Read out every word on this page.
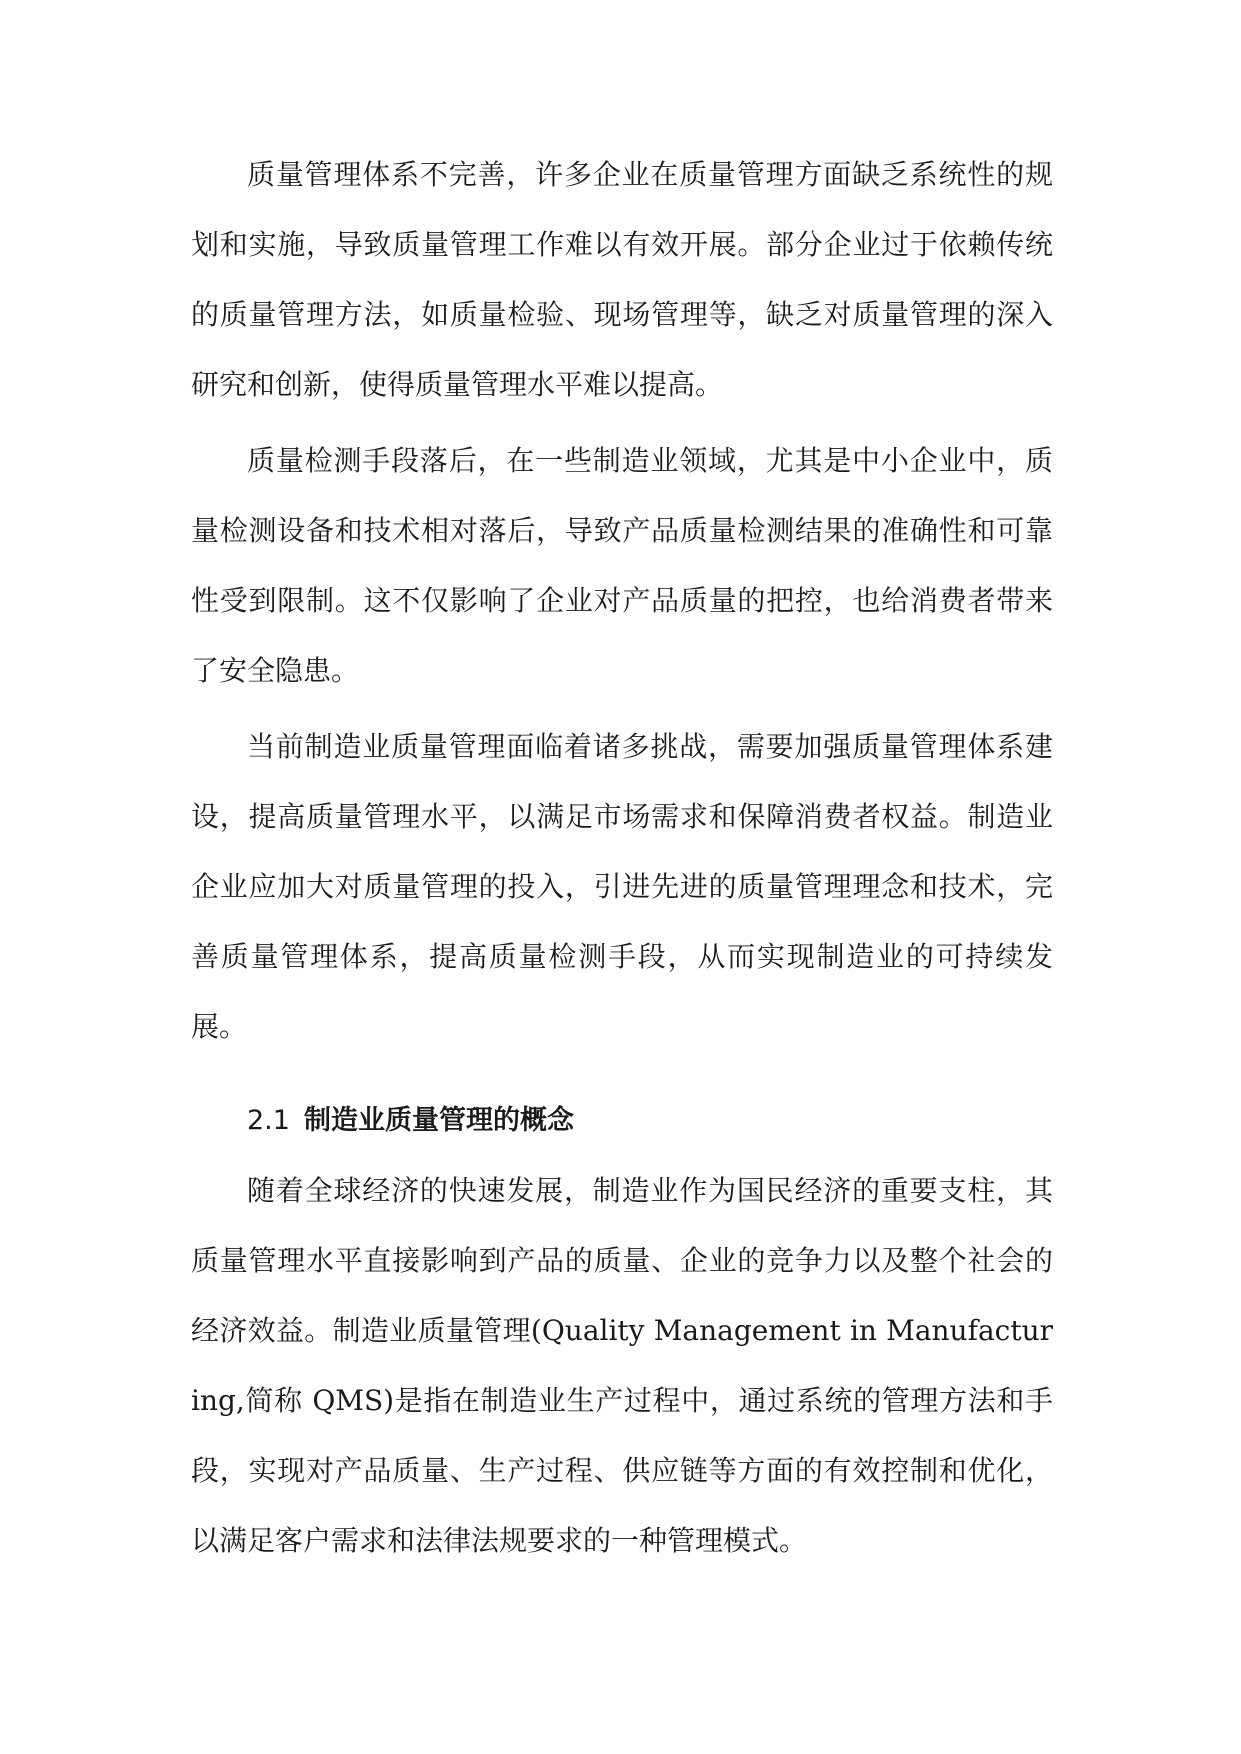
质量管理体系不完善，许多企业在质量管理方面缺乏系统性的规划和实施，导致质量管理工作难以有效开展。部分企业过于依赖传统的质量管理方法，如质量检验、现场管理等，缺乏对质量管理的深入研究和创新，使得质量管理水平难以提高。

质量检测手段落后，在一些制造业领域，尤其是中小企业中，质量检测设备和技术相对落后，导致产品质量检测结果的准确性和可靠性受到限制。这不仅影响了企业对产品质量的把控，也给消费者带来了安全隐患。

当前制造业质量管理面临着诸多挑战，需要加强质量管理体系建设，提高质量管理水平，以满足市场需求和保障消费者权益。制造业企业应加大对质量管理的投入，引进先进的质量管理理念和技术，完善质量管理体系，提高质量检测手段，从而实现制造业的可持续发展。

2.1 制造业质量管理的概念

随着全球经济的快速发展，制造业作为国民经济的重要支柱，其质量管理水平直接影响到产品的质量、企业的竞争力以及整个社会的经济效益。制造业质量管理(Quality Management in Manufacturing,简称 QMS)是指在制造业生产过程中，通过系统的管理方法和手段，实现对产品质量、生产过程、供应链等方面的有效控制和优化，以满足客户需求和法律法规要求的一种管理模式。
